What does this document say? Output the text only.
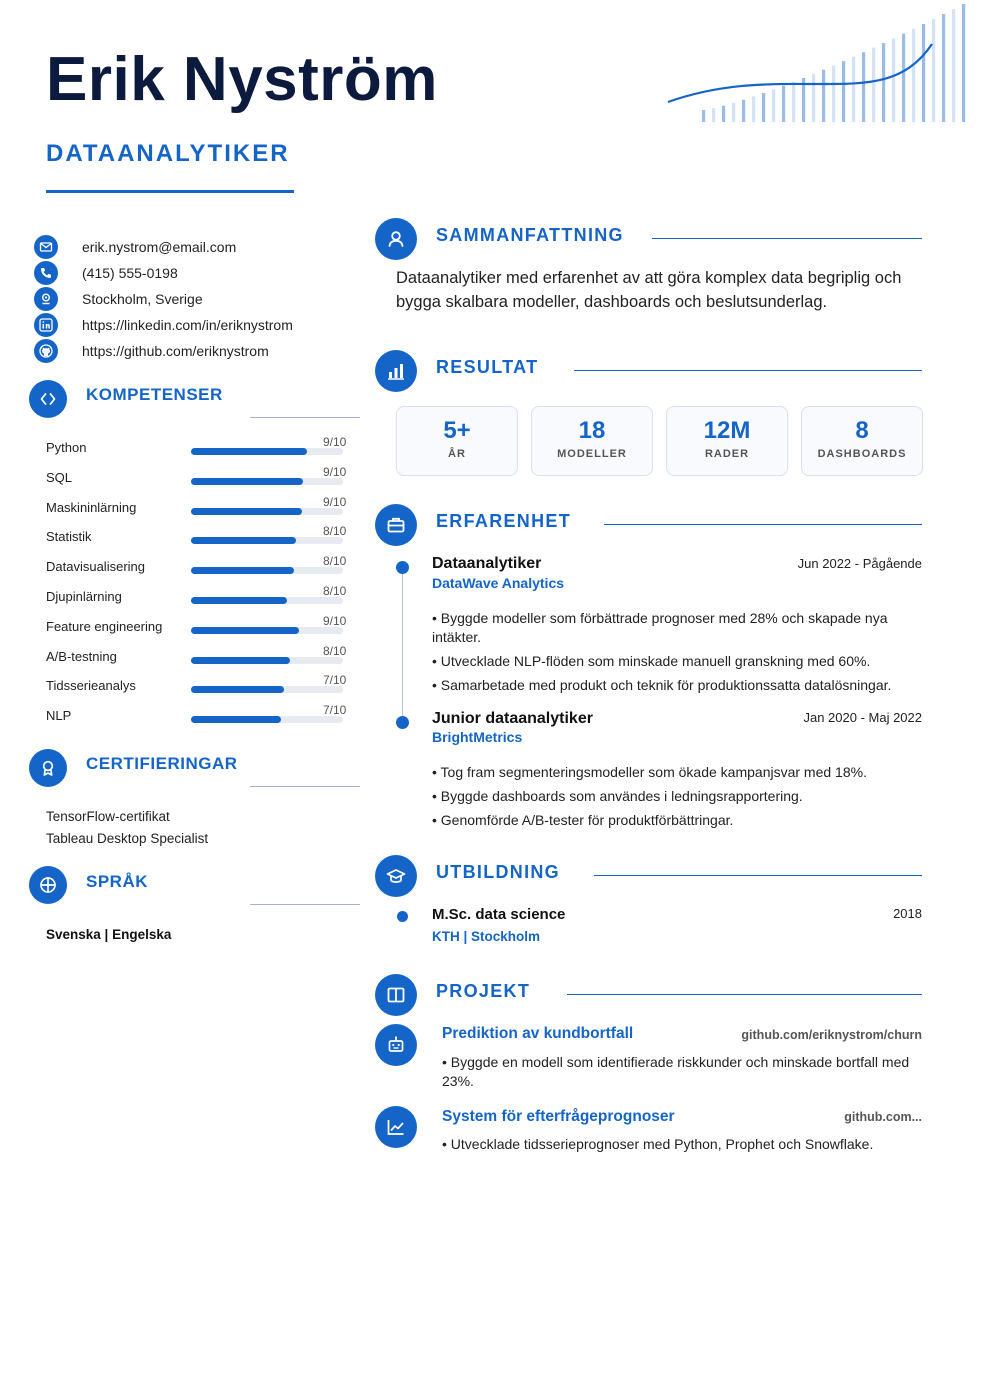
Erik Nyström
DATAANALYTIKER
erik.nystrom@email.com
(415) 555-0198
Stockholm, Sverige
https://linkedin.com/in/eriknystrom
https://github.com/eriknystrom
KOMPETENSER
Python	9/10
SQL	9/10
Maskininlärning	9/10
Statistik	8/10
Datavisualisering	8/10
Djupinlärning	8/10
Feature engineering	9/10
A/B-testning	8/10
Tidsserieanalys	7/10
NLP	7/10
CERTIFIERINGAR
TensorFlow-certifikat
Tableau Desktop Specialist
SPRÅK
Svenska | Engelska
SAMMANFATTNING
Dataanalytiker med erfarenhet av att göra komplex data begriplig och bygga skalbara modeller, dashboards och beslutsunderlag.
RESULTAT
5+
ÅR
18
MODELLER
12M
RADER
8
DASHBOARDS
ERFARENHET
Dataanalytiker
DataWave Analytics
Jun 2022 - Pågående
• Byggde modeller som förbättrade prognoser med 28% och skapade nya intäkter.
• Utvecklade NLP-flöden som minskade manuell granskning med 60%.
• Samarbetade med produkt och teknik för produktionssatta datalösningar.
Junior dataanalytiker
BrightMetrics
Jan 2020 - Maj 2022
• Tog fram segmenteringsmodeller som ökade kampanjsvar med 18%.
• Byggde dashboards som användes i ledningsrapportering.
• Genomförde A/B-tester för produktförbättringar.
UTBILDNING
M.Sc. data science
KTH | Stockholm
2018
PROJEKT
Prediktion av kundbortfall	github.com/eriknystrom/churn
• Byggde en modell som identifierade riskkunder och minskade bortfall med 23%.
System för efterfrågeprognoser	github.com...
• Utvecklade tidsserieprognoser med Python, Prophet och Snowflake.
